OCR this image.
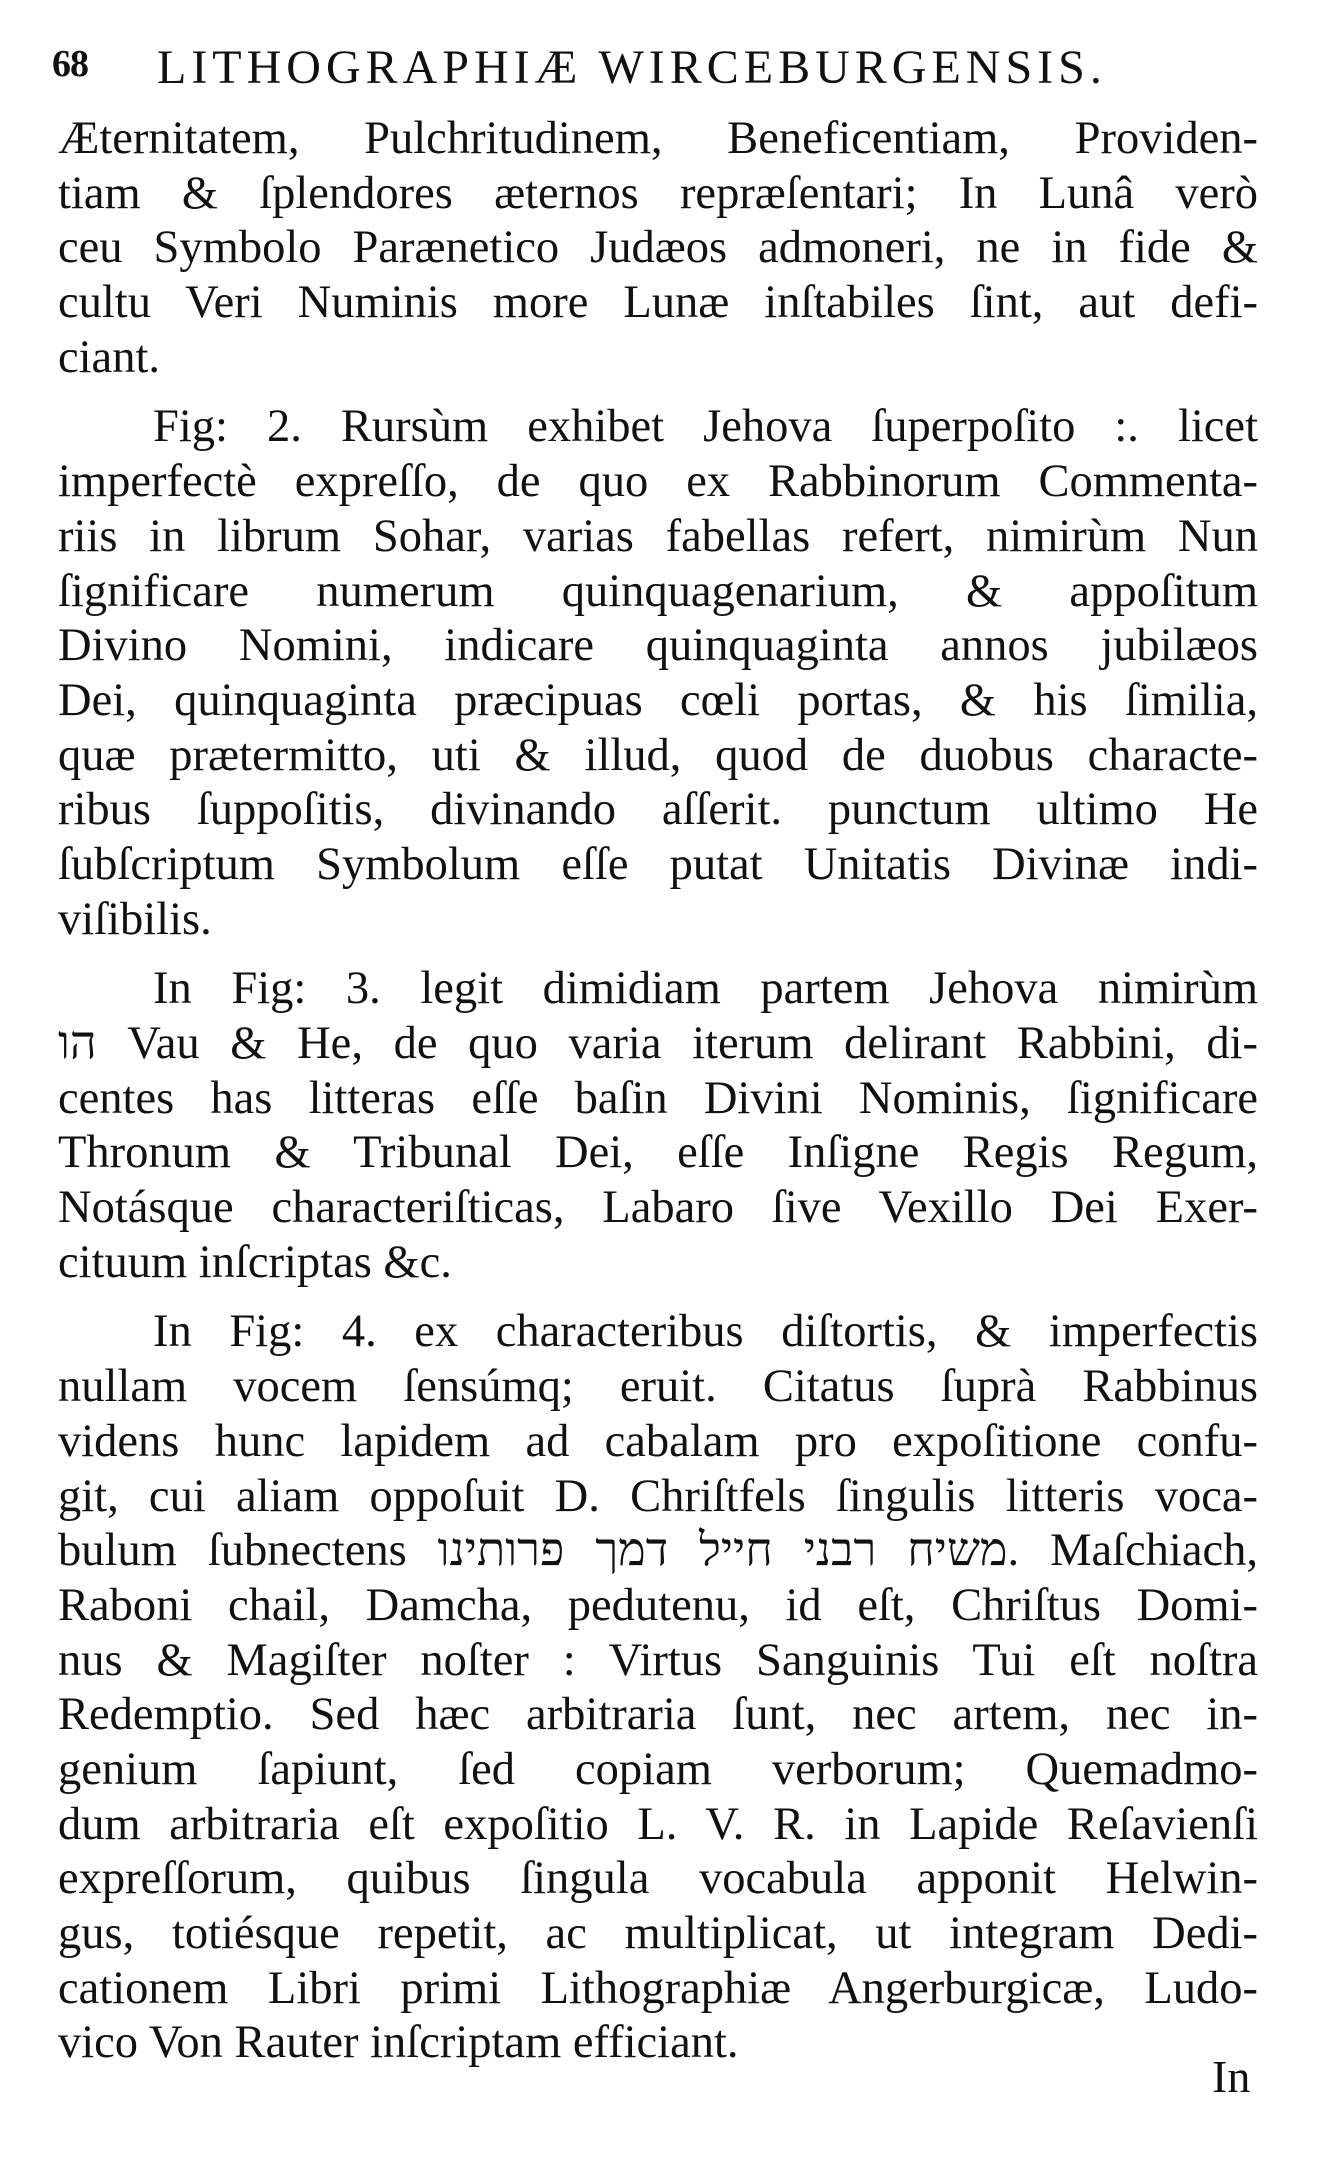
68 LITHOGRAPHIÆ WIRCEBURGENSIS.
Æternitatem, Pulchritudinem, Beneficentiam, Providen-
tiam & ſplendores æternos repræſentari; In Lunâ verò
ceu Symbolo Parænetico Judæos admoneri, ne in fide &
cultu Veri Numinis more Lunæ inſtabiles ſint, aut defi-
ciant.
Fig: 2. Rursùm exhibet Jehova ſuperpoſito :. licet
imperfectè expreſſo, de quo ex Rabbinorum Commenta-
riis in librum Sohar, varias fabellas refert, nimirùm Nun
ſignificare numerum quinquagenarium, & appoſitum
Divino Nomini, indicare quinquaginta annos jubilæos
Dei, quinquaginta præcipuas cœli portas, & his ſimilia,
quæ prætermitto, uti & illud, quod de duobus characte-
ribus ſuppoſitis, divinando aſſerit. punctum ultimo He
ſubſcriptum Symbolum eſſe putat Unitatis Divinæ indi-
viſibilis.
In Fig: 3. legit dimidiam partem Jehova nimirùm
הו Vau & He, de quo varia iterum delirant Rabbini, di-
centes has litteras eſſe baſin Divini Nominis, ſignificare
Thronum & Tribunal Dei, eſſe Inſigne Regis Regum,
Notásque characteriſticas, Labaro ſive Vexillo Dei Exer-
cituum inſcriptas &c.
In Fig: 4. ex characteribus diſtortis, & imperfectis
nullam vocem ſensúmq; eruit. Citatus ſuprà Rabbinus
videns hunc lapidem ad cabalam pro expoſitione confu-
git, cui aliam oppoſuit D. Chriſtfels ſingulis litteris voca-
bulum ſubnectens משיח רבני חייל דמך פרותינו. Maſchiach,
Raboni chail, Damcha, pedutenu, id eſt, Chriſtus Domi-
nus & Magiſter noſter : Virtus Sanguinis Tui eſt noſtra
Redemptio. Sed hæc arbitraria ſunt, nec artem, nec in-
genium ſapiunt, ſed copiam verborum; Quemadmo-
dum arbitraria eſt expoſitio L. V. R. in Lapide Reſavienſi
expreſſorum, quibus ſingula vocabula apponit Helwin-
gus, totiésque repetit, ac multiplicat, ut integram Dedi-
cationem Libri primi Lithographiæ Angerburgicæ, Ludo-
vico Von Rauter inſcriptam efficiant.
In
